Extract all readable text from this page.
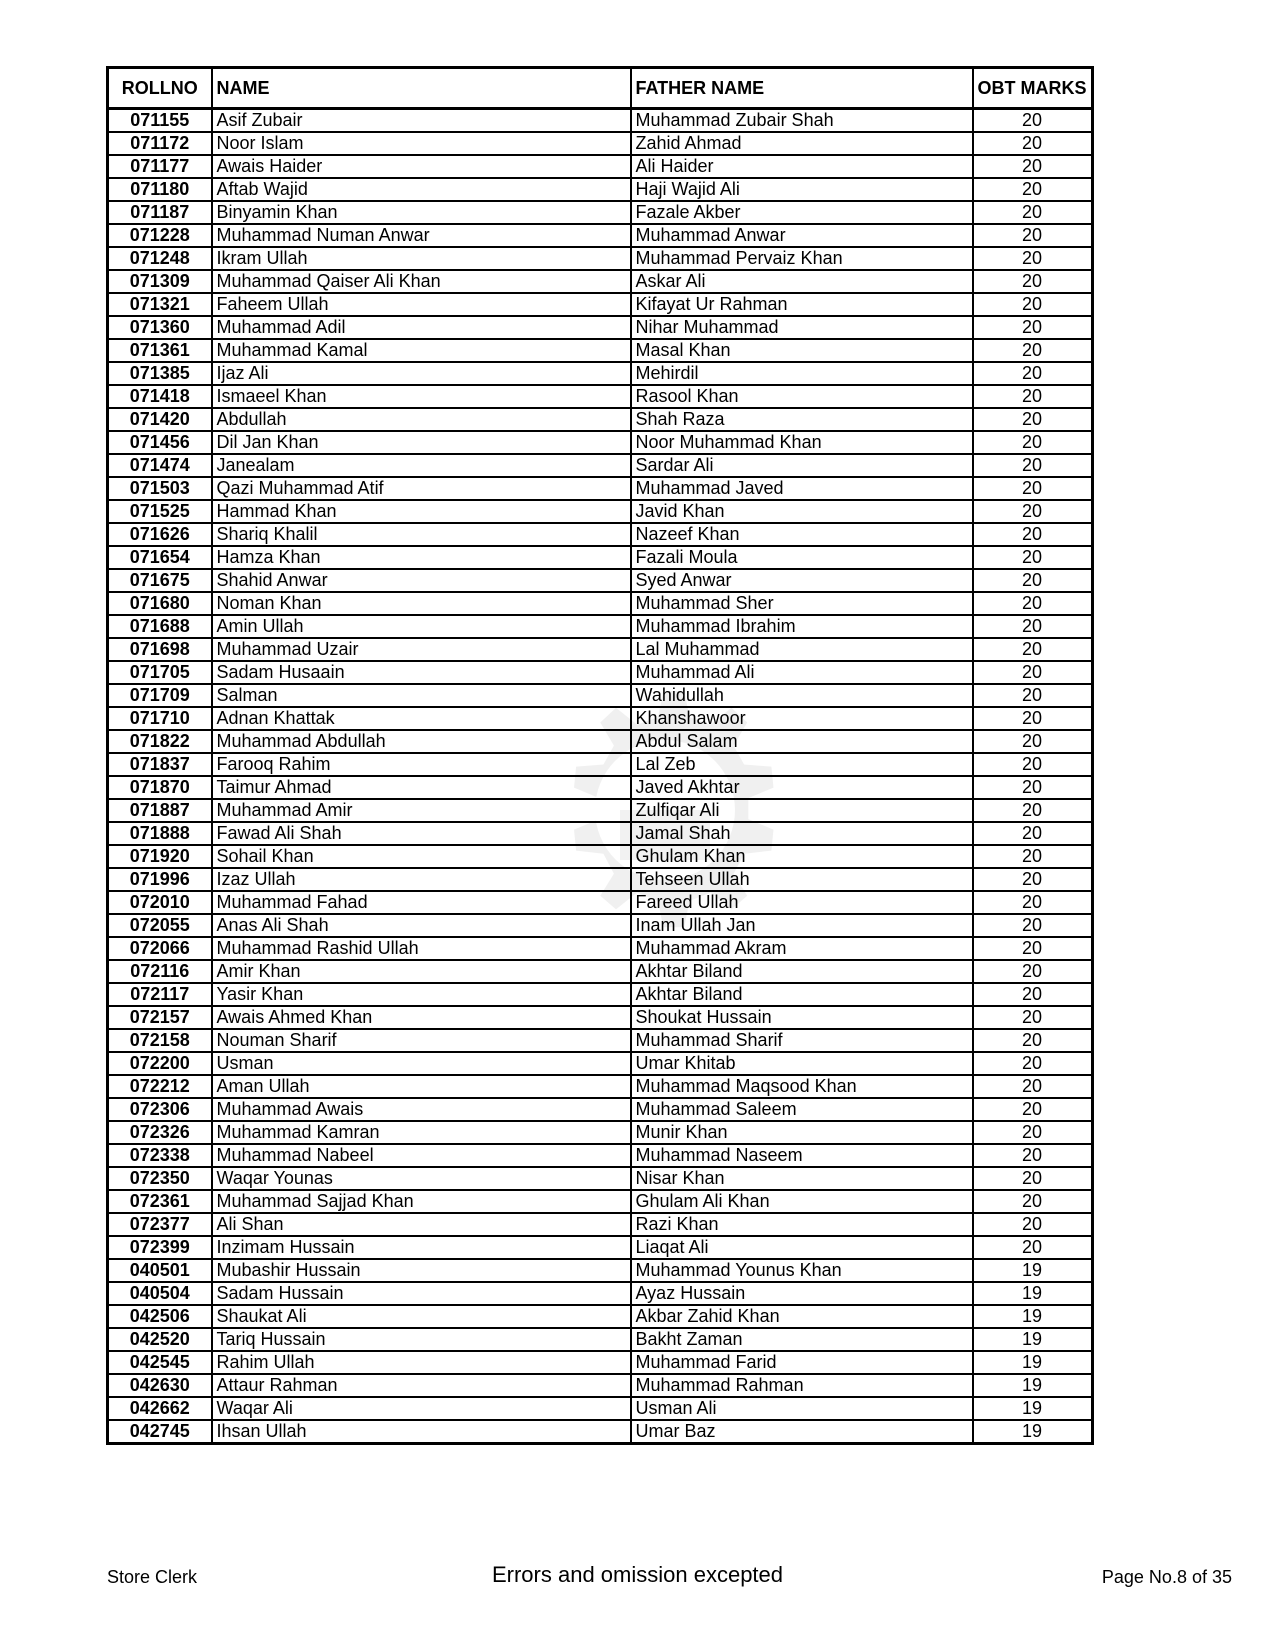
ROLLNO	NAME	FATHER NAME	OBT MARKS
071155	Asif Zubair	Muhammad Zubair Shah	20
071172	Noor Islam	Zahid Ahmad	20
071177	Awais Haider	Ali Haider	20
071180	Aftab Wajid	Haji Wajid Ali	20
071187	Binyamin Khan	Fazale Akber	20
071228	Muhammad Numan Anwar	Muhammad Anwar	20
071248	Ikram Ullah	Muhammad Pervaiz Khan	20
071309	Muhammad Qaiser Ali Khan	Askar Ali	20
071321	Faheem Ullah	Kifayat Ur Rahman	20
071360	Muhammad Adil	Nihar Muhammad	20
071361	Muhammad Kamal	Masal Khan	20
071385	Ijaz Ali	Mehirdil	20
071418	Ismaeel Khan	Rasool Khan	20
071420	Abdullah	Shah Raza	20
071456	Dil Jan Khan	Noor Muhammad Khan	20
071474	Janealam	Sardar Ali	20
071503	Qazi Muhammad Atif	Muhammad Javed	20
071525	Hammad Khan	Javid Khan	20
071626	Shariq Khalil	Nazeef Khan	20
071654	Hamza Khan	Fazali Moula	20
071675	Shahid Anwar	Syed Anwar	20
071680	Noman Khan	Muhammad Sher	20
071688	Amin Ullah	Muhammad Ibrahim	20
071698	Muhammad Uzair	Lal Muhammad	20
071705	Sadam Husaain	Muhammad Ali	20
071709	Salman	Wahidullah	20
071710	Adnan Khattak	Khanshawoor	20
071822	Muhammad Abdullah	Abdul Salam	20
071837	Farooq Rahim	Lal Zeb	20
071870	Taimur Ahmad	Javed Akhtar	20
071887	Muhammad Amir	Zulfiqar Ali	20
071888	Fawad Ali Shah	Jamal Shah	20
071920	Sohail Khan	Ghulam Khan	20
071996	Izaz Ullah	Tehseen Ullah	20
072010	Muhammad Fahad	Fareed Ullah	20
072055	Anas Ali Shah	Inam Ullah Jan	20
072066	Muhammad Rashid Ullah	Muhammad Akram	20
072116	Amir Khan	Akhtar Biland	20
072117	Yasir Khan	Akhtar Biland	20
072157	Awais Ahmed Khan	Shoukat Hussain	20
072158	Nouman Sharif	Muhammad Sharif	20
072200	Usman	Umar Khitab	20
072212	Aman Ullah	Muhammad Maqsood Khan	20
072306	Muhammad Awais	Muhammad Saleem	20
072326	Muhammad Kamran	Munir Khan	20
072338	Muhammad Nabeel	Muhammad Naseem	20
072350	Waqar Younas	Nisar Khan	20
072361	Muhammad Sajjad Khan	Ghulam Ali Khan	20
072377	Ali Shan	Razi Khan	20
072399	Inzimam Hussain	Liaqat Ali	20
040501	Mubashir Hussain	Muhammad Younus Khan	19
040504	Sadam Hussain	Ayaz Hussain	19
042506	Shaukat Ali	Akbar Zahid Khan	19
042520	Tariq Hussain	Bakht Zaman	19
042545	Rahim Ullah	Muhammad Farid	19
042630	Attaur Rahman	Muhammad Rahman	19
042662	Waqar Ali	Usman Ali	19
042745	Ihsan Ullah	Umar Baz	19
Store Clerk	Errors and omission excepted	Page No.8 of 35
